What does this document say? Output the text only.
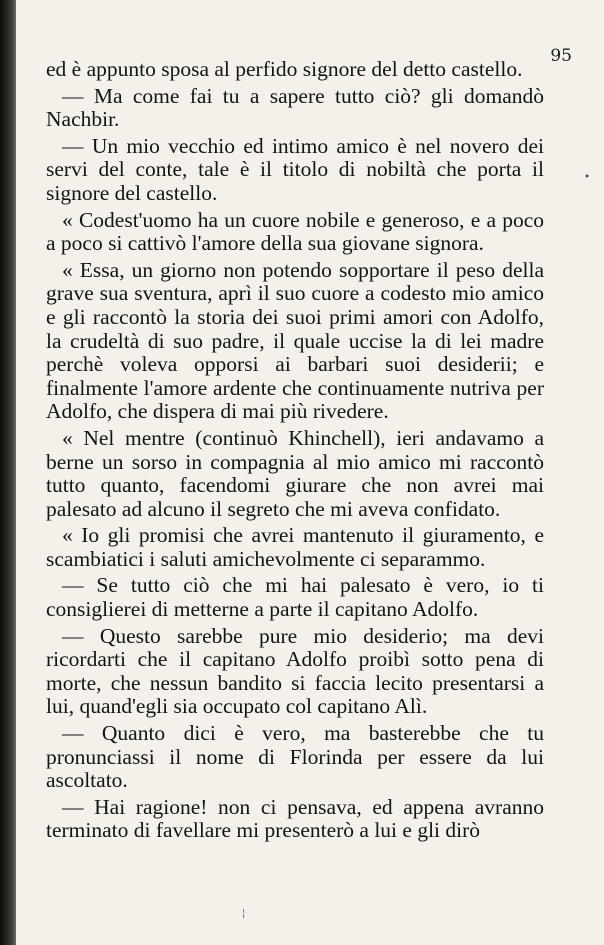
95

ed è appunto sposa al perfido signore del detto castello.

— Ma come fai tu a sapere tutto ciò? gli domandò Nachbir.

— Un mio vecchio ed intimo amico è nel novero dei servi del conte, tale è il titolo di nobiltà che porta il signore del castello.

« Codest'uomo ha un cuore nobile e generoso, e a poco a poco si cattivò l'amore della sua giovane signora.

« Essa, un giorno non potendo sopportare il peso della grave sua sventura, aprì il suo cuore a codesto mio amico e gli raccontò la storia dei suoi primi amori con Adolfo, la crudeltà di suo padre, il quale uccise la di lei madre perchè voleva opporsi ai barbari suoi desiderii; e finalmente l'amore ardente che continuamente nutriva per Adolfo, che dispera di mai più rivedere.

« Nel mentre (continuò Khinchell), ieri andavamo a berne un sorso in compagnia al mio amico mi raccontò tutto quanto, facendomi giurare che non avrei mai palesato ad alcuno il segreto che mi aveva confidato.

« Io gli promisi che avrei mantenuto il giuramento, e scambiatici i saluti amichevolmente ci separammo.

— Se tutto ciò che mi hai palesato è vero, io ti consiglierei di metterne a parte il capitano Adolfo.

— Questo sarebbe pure mio desiderio; ma devi ricordarti che il capitano Adolfo proibì sotto pena di morte, che nessun bandito si faccia lecito presentarsi a lui, quand'egli sia occupato col capitano Alì.

— Quanto dici è vero, ma basterebbe che tu pronunciassi il nome di Florinda per essere da lui ascoltato.

— Hai ragione! non ci pensava, ed appena avranno terminato di favellare mi presenterò a lui e gli dirò

•
¦
